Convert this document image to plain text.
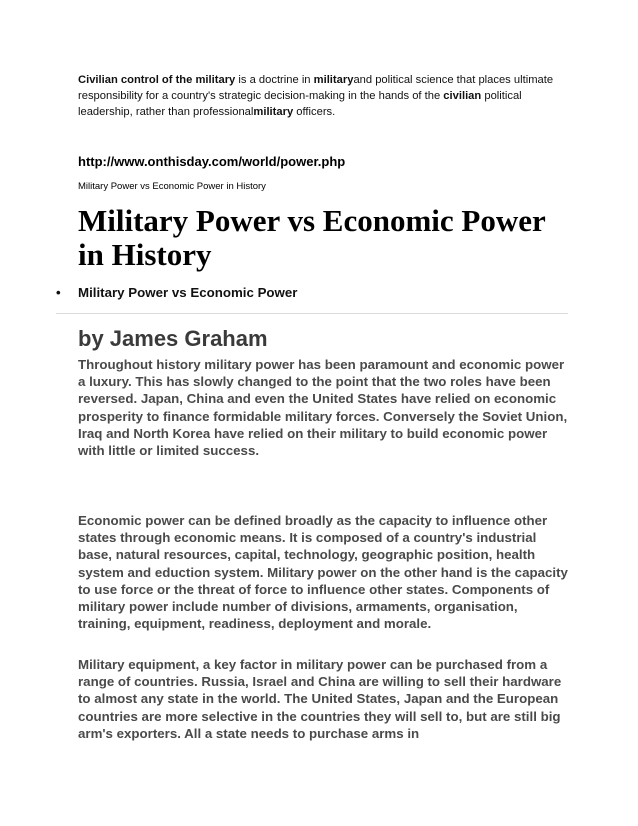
Civilian control of the military is a doctrine in militaryand political science that places ultimate responsibility for a country's strategic decision-making in the hands of the civilian political leadership, rather than professionalmilitary officers.

http://www.onthisday.com/world/power.php
Military Power vs Economic Power in History
Military Power vs Economic Power in History
• Military Power vs Economic Power
by James Graham

Throughout history military power has been paramount and economic power a luxury. This has slowly changed to the point that the two roles have been reversed. Japan, China and even the United States have relied on economic prosperity to finance formidable military forces. Conversely the Soviet Union, Iraq and North Korea have relied on their military to build economic power with little or limited success.

Economic power can be defined broadly as the capacity to influence other states through economic means. It is composed of a country's industrial base, natural resources, capital, technology, geographic position, health system and eduction system. Military power on the other hand is the capacity to use force or the threat of force to influence other states. Components of military power include number of divisions, armaments, organisation, training, equipment, readiness, deployment and morale.

Military equipment, a key factor in military power can be purchased from a range of countries. Russia, Israel and China are willing to sell their hardware to almost any state in the world. The United States, Japan and the European countries are more selective in the countries they will sell to, but are still big arm's exporters. All a state needs to purchase arms in
